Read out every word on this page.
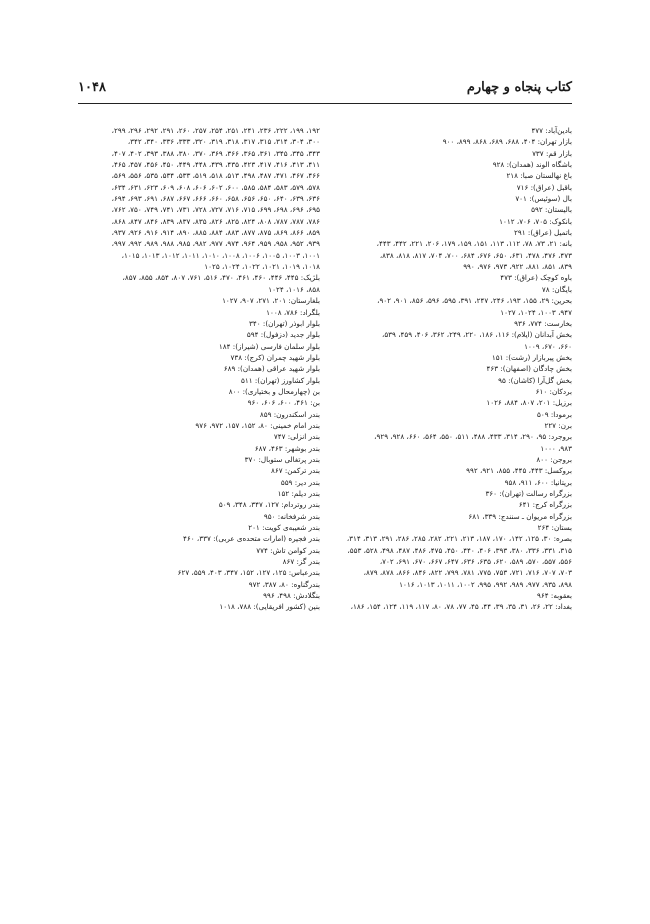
۱۰۴۸	کتاب پنجاه و چهارم
بادین‌آباد: ۴۷۷
بازار تهران: ۴۰۴، ۶۸۸، ۶۸۹، ۸۶۸، ۸۹۹، ۹۰۰
بازار قم: ۷۳۷
باشگاه الوند (همدان): ۹۲۸
باغ نهالستان صبا: ۲۱۸
باقبل (عراق): ۷۱۶
بال (سوئیس): ۷۰۱
بالیستان: ۵۹۲
بانکوک: ۷۰۵، ۷۰۶، ۱۰۱۲
باتمیل (عراق): ۲۹۱
بانه: ۲۱، ۷۳، ۷۸، ۱۱۲، ۱۱۳، ۱۵۱، ۱۵۹، ۱۷۹، ۲۰۶، ۲۲۱، ۴۴۲، ۴۴۳،
۴۷۳، ۴۷۶، ۴۷۸، ۶۳۱، ۶۵۰، ۶۷۶، ۶۸۴، ۷۰۰، ۷۰۴، ۸۱۷، ۸۱۸، ۸۳۸،
۸۳۹، ۸۵۱، ۸۸۱، ۹۲۲، ۹۷۳، ۹۷۶، ۹۹۰
باوه کوچک (عراق): ۴۷۳
بایگان: ۷۸
بحرین: ۲۹، ۱۵۵، ۱۹۳، ۲۴۶، ۲۴۷، ۳۹۱، ۵۹۵، ۵۹۶، ۸۵۶، ۹۰۱، ۹۰۲،
۹۴۷، ۱۰۰۳، ۱۰۲۴، ۱۰۲۷
بخارست: ۷۷۴، ۹۳۶
بخش آبدانان (ایلام): ۱۱۶، ۱۸۶، ۲۲۰، ۲۴۹، ۳۶۲، ۴۰۶، ۴۵۹، ۵۳۹،
۶۶۰، ۶۷۰، ۱۰۰۹
بخش پیربازار (رشت): ۱۵۱
بخش چادگان (اصفهان): ۴۶۳
بخش گل‌آرا (کاشان): ۹۵
بردکان: ۶۱۰
برزیل: ۲۰۱، ۸۰۷، ۸۸۴، ۱۰۲۶
برمودا: ۵۰۹
برن: ۲۲۷
بروجرد: ۹۵، ۲۹۰، ۳۱۴، ۴۳۳، ۴۸۸، ۵۱۱، ۵۵۰، ۵۶۴، ۶۶۰، ۹۲۸، ۹۲۹،
۹۸۳، ۱۰۰۰
بروجن: ۸۰۰
بروکسل: ۴۴۳، ۴۴۵، ۸۵۵، ۹۲۱، ۹۹۲
بریتانیا: ۶۰۰، ۹۱۱، ۹۵۸
بزرگراه رسالت (تهران): ۳۶۰
بزرگراه کرج: ۶۴۱
بزرگراه مریوان ـ سنندج: ۳۳۹، ۶۸۱
بستان: ۲۶۴
بصره: ۳۰، ۱۲۵، ۱۴۲، ۱۷۰، ۱۸۷، ۲۱۳، ۲۲۱، ۲۸۲، ۲۸۵، ۲۸۶، ۲۹۱، ۳۱۳، ۳۱۴،
۳۱۵، ۳۳۱، ۳۳۶، ۳۸۰، ۳۹۳، ۴۰۶، ۴۴۰، ۴۵۰، ۴۷۵، ۴۸۶، ۴۸۷، ۴۹۸، ۵۲۸، ۵۵۳،
۵۵۶، ۵۵۷، ۵۷۰، ۵۸۹، ۶۲۰، ۶۳۵، ۶۳۶، ۶۴۷، ۶۶۷، ۶۷۰، ۶۹۱، ۷۰۲،
۷۰۳، ۷۰۷، ۷۱۶، ۷۲۱، ۷۵۳، ۷۷۵، ۷۸۱، ۷۹۹، ۸۲۲، ۸۴۶، ۸۶۶، ۸۷۸، ۸۷۹،
۸۹۸، ۹۳۵، ۹۷۷، ۹۸۹، ۹۹۲، ۹۹۵، ۱۰۰۲، ۱۰۱۱، ۱۰۱۳، ۱۰۱۶
بعقوبه: ۹۶۴
بغداد: ۲۲، ۲۶، ۳۱، ۳۵، ۳۹، ۴۴، ۴۵، ۷۷، ۷۸، ۸۰، ۱۱۷، ۱۱۹، ۱۲۴، ۱۵۴، ۱۸۶،
۱۹۲، ۱۹۹، ۲۲۲، ۲۳۶، ۲۴۱، ۲۵۱، ۲۵۴، ۲۵۷، ۲۶۰، ۲۹۱، ۲۹۲، ۲۹۶، ۲۹۹،
۳۰۰، ۳۰۴، ۳۱۴، ۳۱۵، ۳۱۷، ۳۱۸، ۳۱۹، ۳۲۰، ۳۳۳، ۳۳۶، ۳۴۰، ۳۴۲،
۳۴۳، ۳۴۵، ۳۴۵، ۳۶۱، ۳۶۵، ۳۶۶، ۳۶۹، ۳۷۰، ۳۸۰، ۳۸۸، ۳۹۳، ۴۰۲، ۴۰۷،
۴۱۱، ۴۱۳، ۴۱۶، ۴۱۷، ۴۲۳، ۴۳۵، ۴۳۹، ۴۴۸، ۴۴۹، ۴۵۰، ۴۵۶، ۴۵۷، ۴۶۵،
۴۶۶، ۴۶۷، ۴۷۱، ۴۸۷، ۴۹۸، ۵۱۳، ۵۱۸، ۵۱۹، ۵۳۳، ۵۳۴، ۵۳۵، ۵۵۶، ۵۶۹،
۵۷۸، ۵۷۹، ۵۸۳، ۵۸۴، ۵۸۵، ۶۰۰، ۶۰۲، ۶۰۶، ۶۰۸، ۶۰۹، ۶۲۳، ۶۳۱، ۶۳۴،
۶۳۶، ۶۳۹، ۶۴۰، ۶۵۰، ۶۵۶، ۶۵۸، ۶۶۰، ۶۶۶، ۶۶۷، ۶۸۷، ۶۹۱، ۶۹۳، ۶۹۴،
۶۹۵، ۶۹۶، ۶۹۸، ۶۹۹، ۷۱۵، ۷۱۶، ۷۲۷، ۷۲۸، ۷۳۱، ۷۴۱، ۷۴۹، ۷۵۰، ۷۶۲،
۷۸۶، ۷۸۷، ۷۸۷، ۸۰۸، ۸۲۴، ۸۲۵، ۸۲۶، ۸۳۵، ۸۳۷، ۸۳۹، ۸۴۶، ۸۴۷، ۸۶۸،
۸۵۹، ۸۶۶، ۸۶۹، ۸۷۵، ۸۷۷، ۸۸۳، ۸۸۴، ۸۸۵، ۸۹۰، ۹۱۴، ۹۱۶، ۹۲۶، ۹۳۷،
۹۳۹، ۹۵۲، ۹۵۸، ۹۵۹، ۹۶۴، ۹۷۴، ۹۷۷، ۹۸۲، ۹۸۵، ۹۸۸، ۹۸۹، ۹۹۲، ۹۹۷،
۱۰۰۱، ۱۰۰۳، ۱۰۰۵، ۱۰۰۶، ۱۰۰۸، ۱۰۱۰، ۱۰۱۱، ۱۰۱۲، ۱۰۱۳، ۱۰۱۵،
۱۰۱۸، ۱۰۱۹، ۱۰۲۱، ۱۰۲۲، ۱۰۲۴، ۱۰۲۵
بلژیک: ۴۴۵، ۴۴۶، ۴۶۰، ۴۶۱، ۴۷۰، ۵۱۶، ۷۶۱، ۸۰۷، ۸۵۴، ۸۵۵، ۸۵۷،
۸۵۸، ۱۰۱۶، ۱۰۲۴
بلغارستان: ۲۰۱، ۲۷۱، ۹۰۷، ۱۰۲۷
بلگراد: ۷۸۶، ۱۰۰۸
بلوار ابوذر (تهران): ۳۴۰
بلوار جدید (دزفول): ۵۹۴
بلوار سلمان فارسی (شیراز): ۱۸۴
بلوار شهید چمران (کرج): ۷۳۸
بلوار شهید عراقی (همدان): ۶۸۹
بلوار کشاورز (تهران): ۵۱۱
بن (چهارمحال و بختیاری): ۸۰۰
بن: ۴۶۱، ۶۰۰، ۶۰۶، ۹۶۰
بندر اسکندرون: ۸۵۹
بندر امام خمینی: ۸۰، ۱۵۲، ۱۵۷، ۹۷۲، ۹۷۶
بندر انزلی: ۷۴۷
بندر بوشهر: ۴۶۳، ۶۸۷
بندر پرتغالی ستوبال: ۳۷۰
بندر ترکمن: ۸۶۷
بندر دیر: ۵۵۹
بندر دیلم: ۱۵۲
بندر روتردام: ۱۲۷، ۳۴۷، ۳۴۸، ۵۰۹
بندر شرفخانه: ۹۵۰
بندر شعیبه‌ی کویت: ۲۰۱
بندر فجیره (امارات متحده‌ی عربی): ۳۳۷، ۴۶۰
بندر کوامن تاش: ۷۷۴
بندر گز: ۸۶۷
بندرعباس: ۱۲۵، ۱۲۷، ۱۵۲، ۳۴۷، ۴۰۳، ۵۵۹، ۶۲۷
بندرگناوه: ۸۰، ۳۸۷، ۹۷۲
بنگلادش: ۴۹۸، ۹۹۶
بنین (کشور افریقایی): ۷۸۸، ۱۰۱۸
